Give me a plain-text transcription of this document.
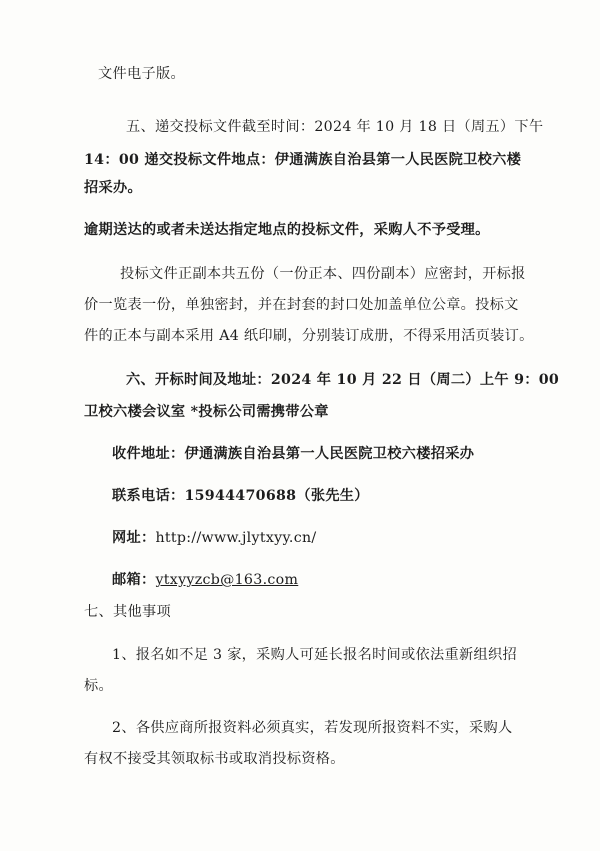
文件电子版。
五、递交投标文件截至时间：2024 年 10 月 18 日（周五）下午
14：00 递交投标文件地点：伊通满族自治县第一人民医院卫校六楼
招采办。
逾期送达的或者未送达指定地点的投标文件，采购人不予受理。
投标文件正副本共五份（一份正本、四份副本）应密封，开标报
价一览表一份，单独密封，并在封套的封口处加盖单位公章。投标文
件的正本与副本采用 A4 纸印刷，分别装订成册，不得采用活页装订。
六、开标时间及地址：2024 年 10 月 22 日（周二）上午 9：00
卫校六楼会议室 *投标公司需携带公章
收件地址：伊通满族自治县第一人民医院卫校六楼招采办
联系电话：15944470688（张先生）
网址：http://www.jlytxyy.cn/
邮箱：ytxyyzcb@163.com
七、其他事项
1、报名如不足 3 家，采购人可延长报名时间或依法重新组织招
标。
2、各供应商所报资料必须真实，若发现所报资料不实，采购人
有权不接受其领取标书或取消投标资格。
